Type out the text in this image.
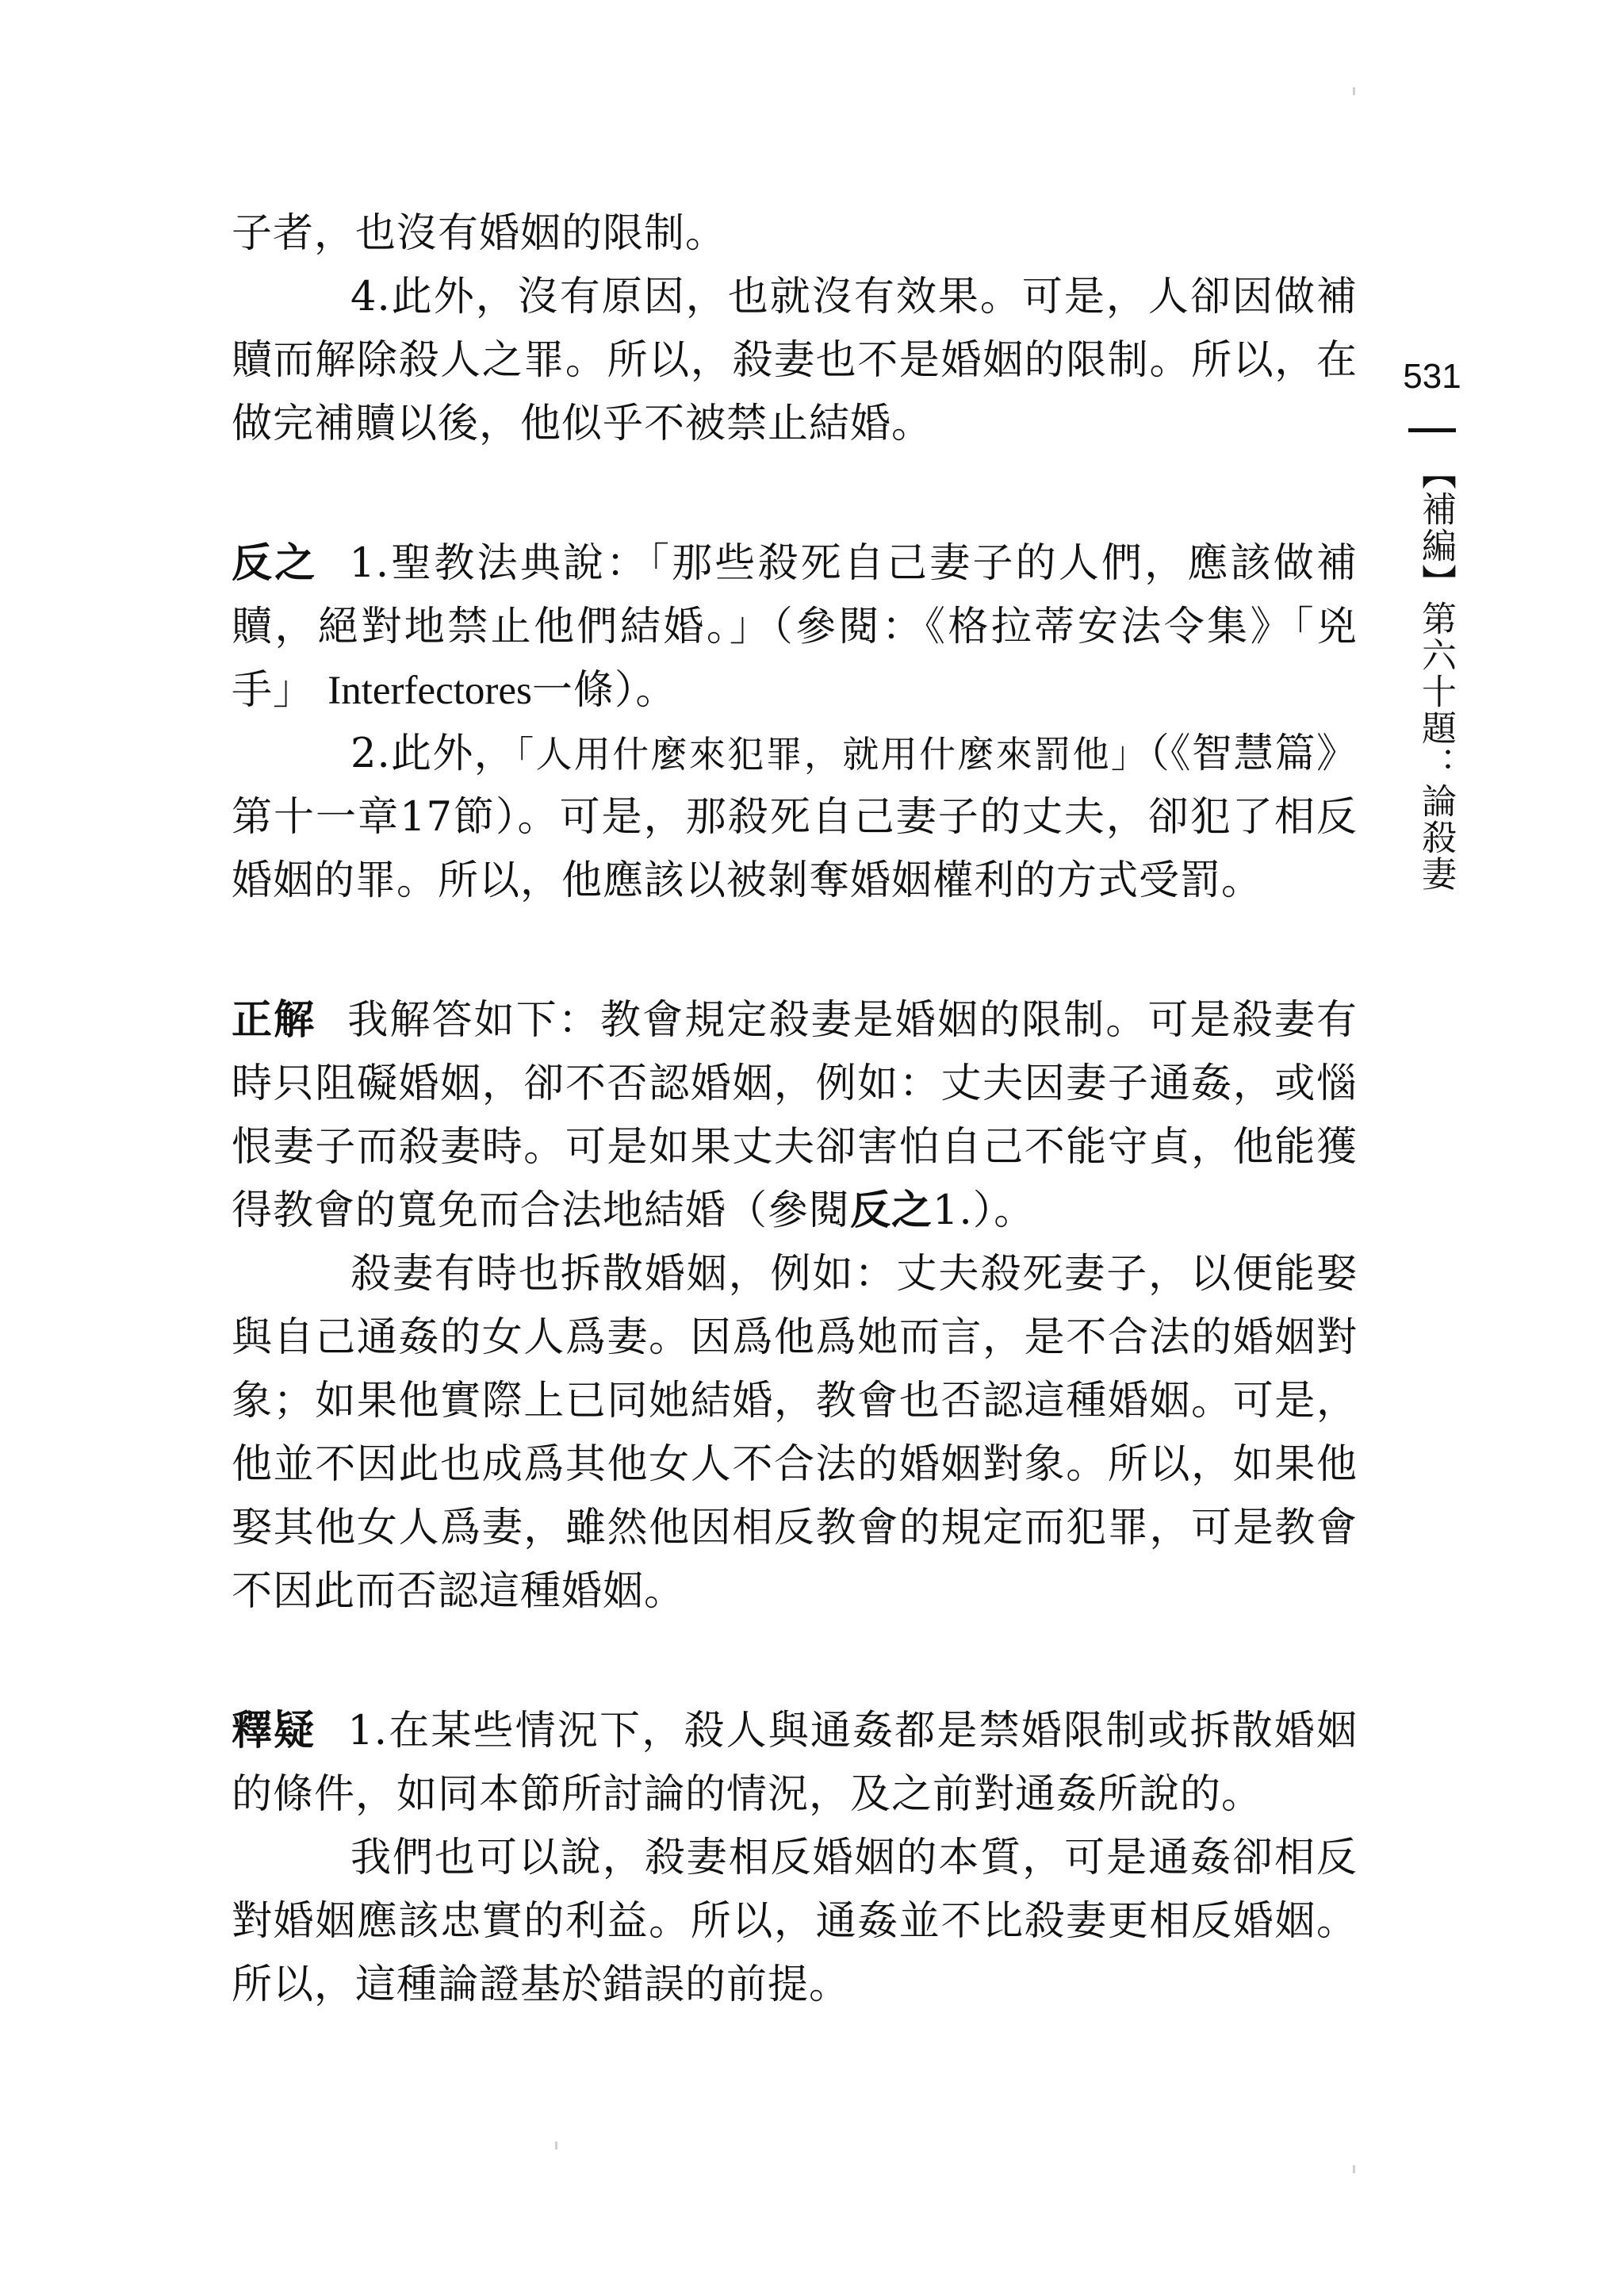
子者，也沒有婚姻的限制。

4.此外，沒有原因，也就沒有效果。可是，人卻因做補贖而解除殺人之罪。所以，殺妻也不是婚姻的限制。所以，在做完補贖以後，他似乎不被禁止結婚。

反之 1.聖教法典說：「那些殺死自己妻子的人們，應該做補贖，絕對地禁止他們結婚。」（參閱：《格拉蒂安法令集》「兇手」 Interfectores一條）。

2.此外，「人用什麼來犯罪，就用什麼來罰他」（《智慧篇》第十一章17節）。可是，那殺死自己妻子的丈夫，卻犯了相反婚姻的罪。所以，他應該以被剝奪婚姻權利的方式受罰。

正解 我解答如下：教會規定殺妻是婚姻的限制。可是殺妻有時只阻礙婚姻，卻不否認婚姻，例如：丈夫因妻子通姦，或惱恨妻子而殺妻時。可是如果丈夫卻害怕自己不能守貞，他能獲得教會的寬免而合法地結婚（參閱反之1.）。

殺妻有時也拆散婚姻，例如：丈夫殺死妻子，以便能娶與自己通姦的女人爲妻。因爲他爲她而言，是不合法的婚姻對象；如果他實際上已同她結婚，教會也否認這種婚姻。可是，他並不因此也成爲其他女人不合法的婚姻對象。所以，如果他娶其他女人爲妻，雖然他因相反教會的規定而犯罪，可是教會不因此而否認這種婚姻。

釋疑 1.在某些情況下，殺人與通姦都是禁婚限制或拆散婚姻的條件，如同本節所討論的情況，及之前對通姦所說的。

我們也可以說，殺妻相反婚姻的本質，可是通姦卻相反對婚姻應該忠實的利益。所以，通姦並不比殺妻更相反婚姻。所以，這種論證基於錯誤的前提。

531
【補編】第六十題：論殺妻
